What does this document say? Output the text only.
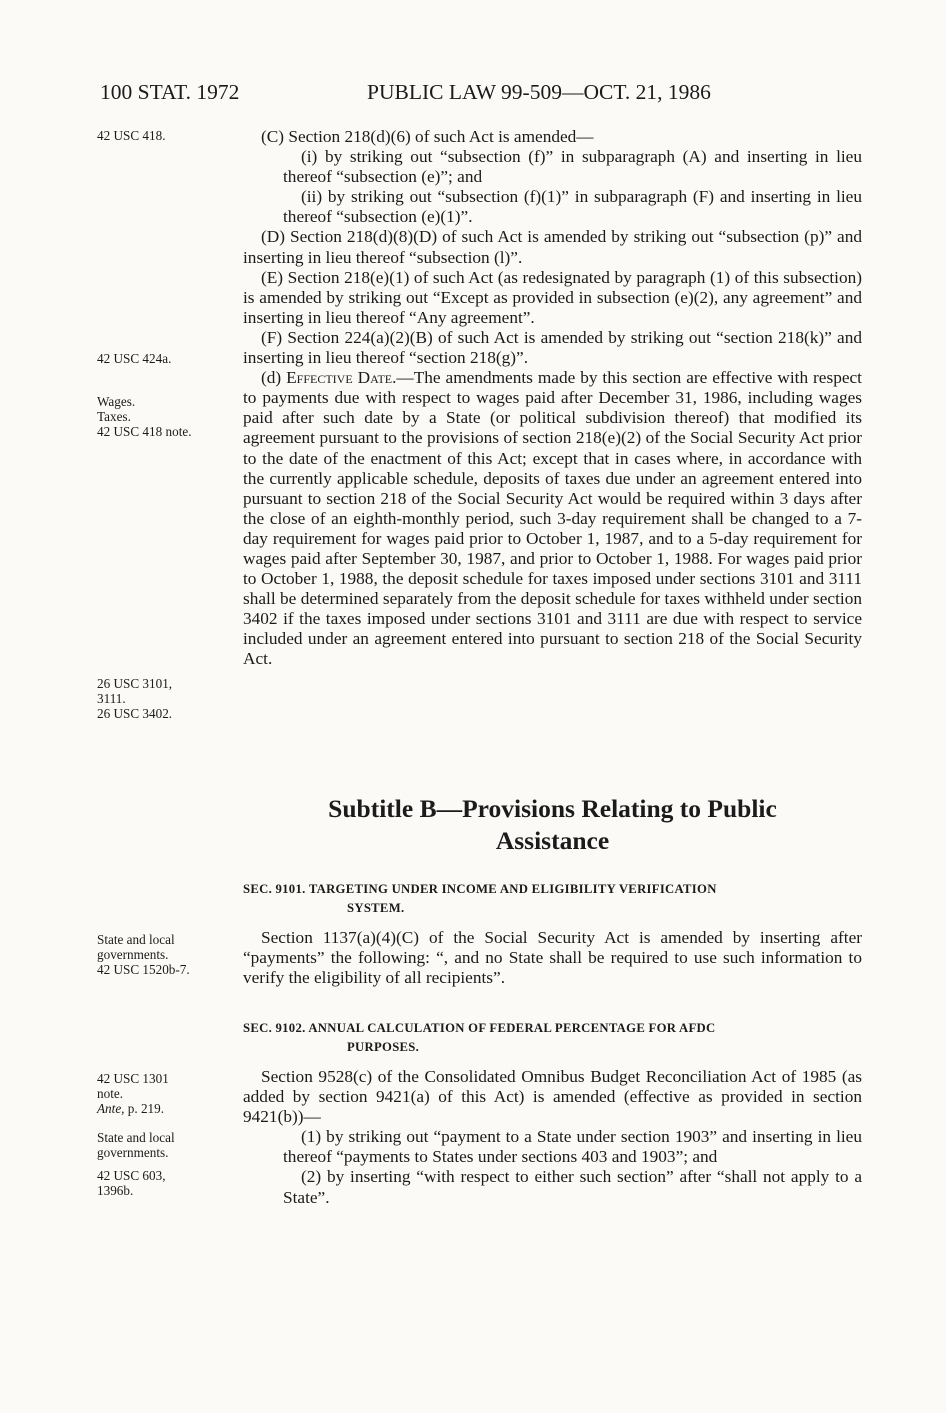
100 STAT. 1972	PUBLIC LAW 99-509—OCT. 21, 1986

42 USC 418.

42 USC 424a.

Wages.

Taxes.

42 USC 418 note.

26 USC 3101,

3111.

26 USC 3402.

State and local

governments.

42 USC 1520b-7.

42 USC 1301

note.

Ante, p. 219.

State and local

governments.

42 USC 603,

1396b.

(C) Section 218(d)(6) of such Act is amended—

(i) by striking out “subsection (f)” in subparagraph (A) and inserting in lieu thereof “subsection (e)”; and

(ii) by striking out “subsection (f)(1)” in subparagraph (F) and inserting in lieu thereof “subsection (e)(1)”.

(D) Section 218(d)(8)(D) of such Act is amended by striking out “subsection (p)” and inserting in lieu thereof “subsection (l)”.

(E) Section 218(e)(1) of such Act (as redesignated by paragraph (1) of this subsection) is amended by striking out “Except as provided in subsection (e)(2), any agreement” and inserting in lieu thereof “Any agreement”.

(F) Section 224(a)(2)(B) of such Act is amended by striking out “section 218(k)” and inserting in lieu thereof “section 218(g)”.

(d) Effective Date.—The amendments made by this section are effective with respect to payments due with respect to wages paid after December 31, 1986, including wages paid after such date by a State (or political subdivision thereof) that modified its agreement pursuant to the provisions of section 218(e)(2) of the Social Security Act prior to the date of the enactment of this Act; except that in cases where, in accordance with the currently applicable schedule, deposits of taxes due under an agreement entered into pursuant to section 218 of the Social Security Act would be required within 3 days after the close of an eighth-monthly period, such 3-day requirement shall be changed to a 7-day requirement for wages paid prior to October 1, 1987, and to a 5-day requirement for wages paid after September 30, 1987, and prior to October 1, 1988. For wages paid prior to October 1, 1988, the deposit schedule for taxes imposed under sections 3101 and 3111 shall be determined separately from the deposit schedule for taxes withheld under section 3402 if the taxes imposed under sections 3101 and 3111 are due with respect to service included under an agreement entered into pursuant to section 218 of the Social Security Act.

Subtitle B—Provisions Relating to Public
Assistance
SEC. 9101. TARGETING UNDER INCOME AND ELIGIBILITY VERIFICATION
SYSTEM.

Section 1137(a)(4)(C) of the Social Security Act is amended by inserting after “payments” the following: “, and no State shall be required to use such information to verify the eligibility of all recipients”.

SEC. 9102. ANNUAL CALCULATION OF FEDERAL PERCENTAGE FOR AFDC
PURPOSES.

Section 9528(c) of the Consolidated Omnibus Budget Reconciliation Act of 1985 (as added by section 9421(a) of this Act) is amended (effective as provided in section 9421(b))—

(1) by striking out “payment to a State under section 1903” and inserting in lieu thereof “payments to States under sections 403 and 1903”; and

(2) by inserting “with respect to either such section” after “shall not apply to a State”.
